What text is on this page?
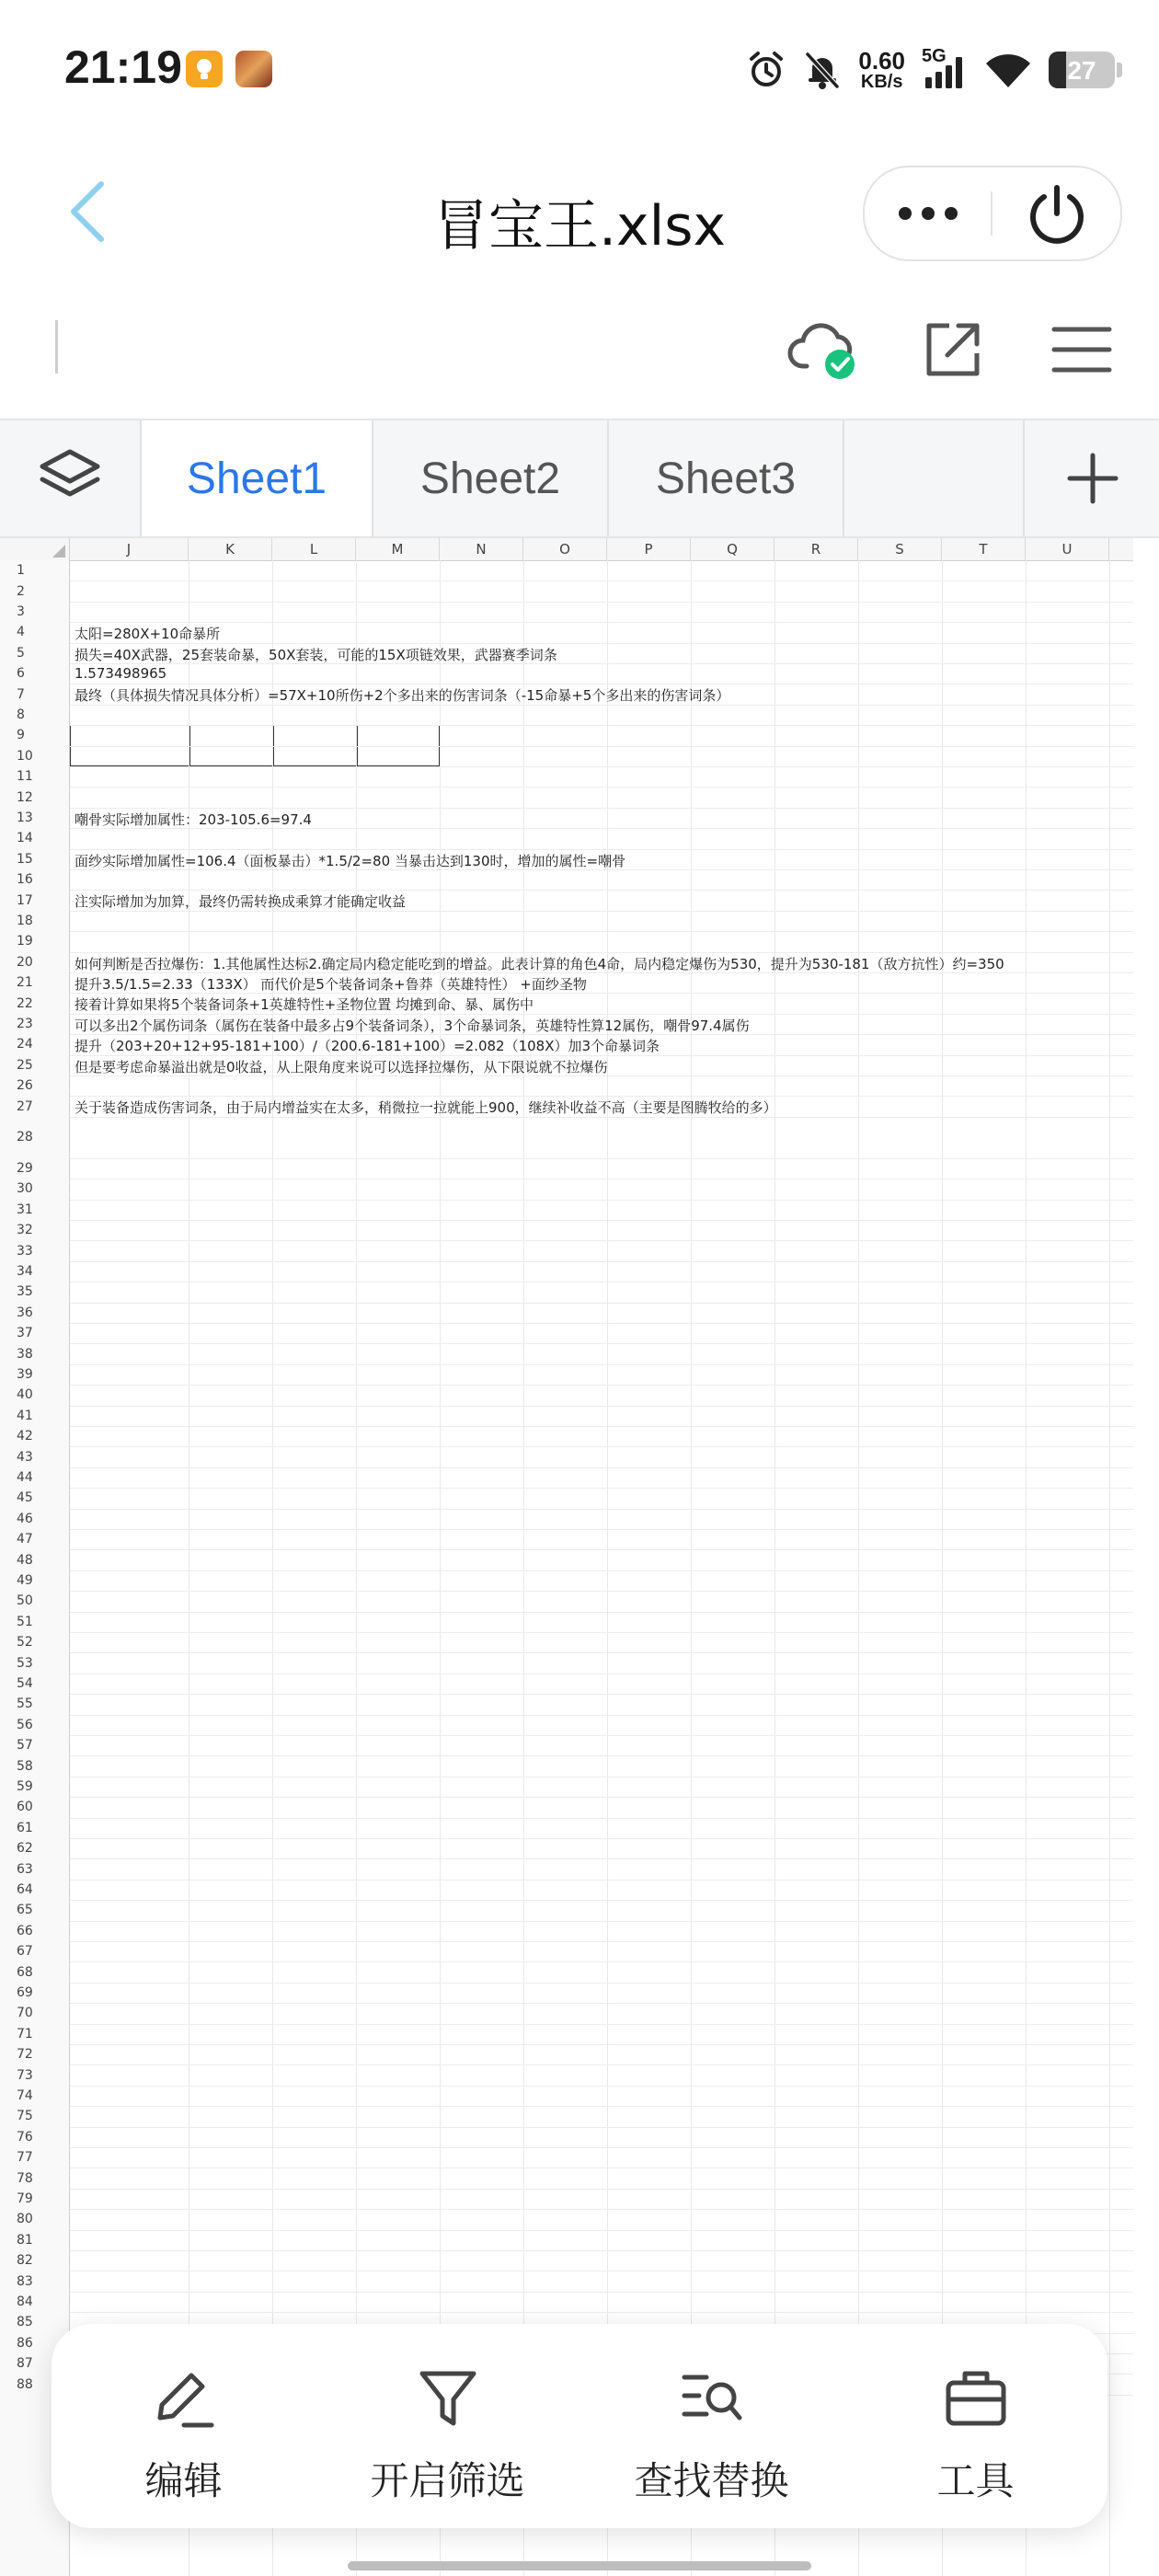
21:19	0.60
KB/s
5G	27
冒宝王.xlsx
Sheet1	Sheet2	Sheet3
J	K	L	M	N	O	P	Q	R	S	T	U
1
2
3
4
5
6
7
8
9
10
11
12
13
14
15
16
17
18
19
20
21
22
23
24
25
26
27
28
29
30
31
32
33
34
35
36
37
38
39
40
41
42
43
44
45
46
47
48
49
50
51
52
53
54
55
56
57
58
59
60
61
62
63
64
65
66
67
68
69
70
71
72
73
74
75
76
77
78
79
80
81
82
83
84
85
86
87
88
太阳=280X+10命暴所
损失=40X武器，25套装命暴，50X套装，可能的15X项链效果，武器赛季词条
1.573498965
最终（具体损失情况具体分析）=57X+10所伤+2个多出来的伤害词条（-15命暴+5个多出来的伤害词条）
嘲骨实际增加属性：203-105.6=97.4
面纱实际增加属性=106.4（面板暴击）*1.5/2=80 当暴击达到130时，增加的属性=嘲骨
注实际增加为加算，最终仍需转换成乘算才能确定收益
如何判断是否拉爆伤：1.其他属性达标2.确定局内稳定能吃到的增益。此表计算的角色4命，局内稳定爆伤为530，提升为530-181（敌方抗性）约=350
提升3.5/1.5=2.33（133X） 而代价是5个装备词条+鲁莽（英雄特性） +面纱圣物
接着计算如果将5个装备词条+1英雄特性+圣物位置 均摊到命、暴、属伤中
可以多出2个属伤词条（属伤在装备中最多占9个装备词条），3个命暴词条，英雄特性算12属伤，嘲骨97.4属伤
提升（203+20+12+95-181+100）/（200.6-181+100）=2.082（108X）加3个命暴词条
但是要考虑命暴溢出就是0收益，从上限角度来说可以选择拉爆伤，从下限说就不拉爆伤
关于装备造成伤害词条，由于局内增益实在太多，稍微拉一拉就能上900，继续补收益不高（主要是图腾牧给的多）
编辑	开启筛选	查找替换	工具
